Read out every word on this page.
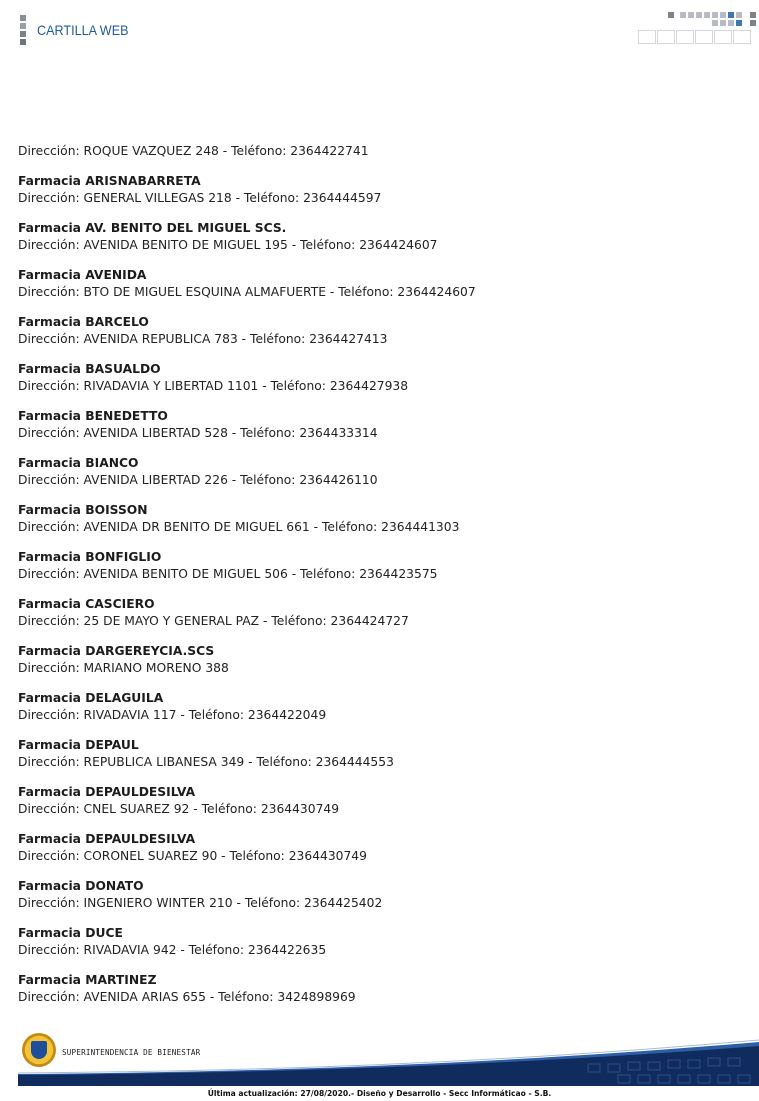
CARTILLA WEB
Dirección: ROQUE VAZQUEZ 248 - Teléfono: 2364422741
Farmacia ARISNABARRETA
Dirección: GENERAL VILLEGAS 218 - Teléfono: 2364444597
Farmacia AV. BENITO DEL MIGUEL SCS.
Dirección: AVENIDA BENITO DE MIGUEL 195 - Teléfono: 2364424607
Farmacia AVENIDA
Dirección: BTO DE MIGUEL ESQUINA ALMAFUERTE - Teléfono: 2364424607
Farmacia BARCELO
Dirección: AVENIDA REPUBLICA 783 - Teléfono: 2364427413
Farmacia BASUALDO
Dirección: RIVADAVIA Y LIBERTAD 1101 - Teléfono: 2364427938
Farmacia BENEDETTO
Dirección: AVENIDA LIBERTAD 528 - Teléfono: 2364433314
Farmacia BIANCO
Dirección: AVENIDA LIBERTAD 226 - Teléfono: 2364426110
Farmacia BOISSON
Dirección: AVENIDA DR BENITO DE MIGUEL 661 - Teléfono: 2364441303
Farmacia BONFIGLIO
Dirección: AVENIDA BENITO DE MIGUEL 506 - Teléfono: 2364423575
Farmacia CASCIERO
Dirección: 25 DE MAYO Y GENERAL PAZ - Teléfono: 2364424727
Farmacia DARGEREYCIA.SCS
Dirección: MARIANO MORENO 388
Farmacia DELAGUILA
Dirección: RIVADAVIA 117 - Teléfono: 2364422049
Farmacia DEPAUL
Dirección: REPUBLICA LIBANESA 349 - Teléfono: 2364444553
Farmacia DEPAULDESILVA
Dirección: CNEL SUAREZ 92 - Teléfono: 2364430749
Farmacia DEPAULDESILVA
Dirección: CORONEL SUAREZ 90 - Teléfono: 2364430749
Farmacia DONATO
Dirección: INGENIERO WINTER 210 - Teléfono: 2364425402
Farmacia DUCE
Dirección: RIVADAVIA 942 - Teléfono: 2364422635
Farmacia MARTINEZ
Dirección: AVENIDA ARIAS 655 - Teléfono: 3424898969
SUPERINTENDENCIA DE BIENESTAR
Última actualización: 27/08/2020.- Diseño y Desarrollo - Secc Informáticao - S.B.
